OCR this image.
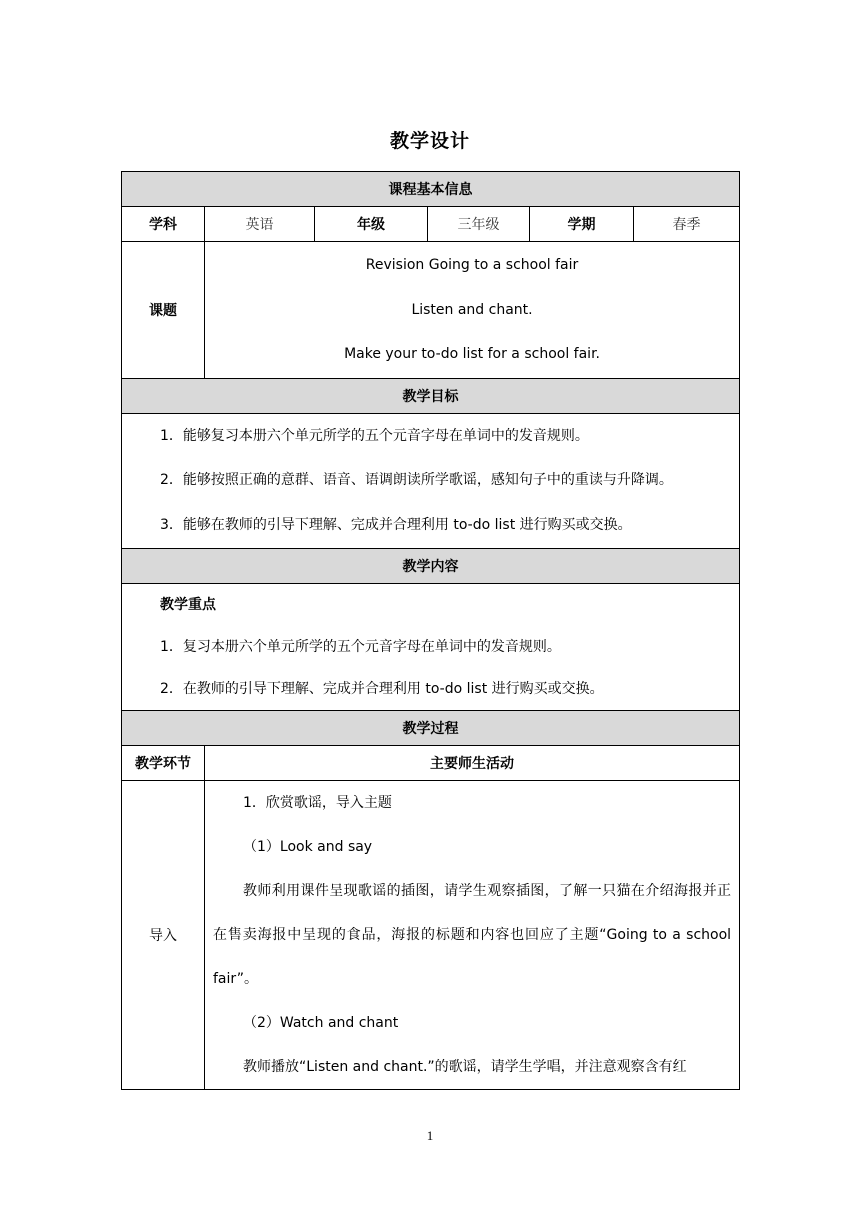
教学设计
课程基本信息					
学科	英语	年级	三年级	学期	春季
课题	Revision Going to a school fair

Listen and chant.

Make your to-do list for a school fair.				

教学目标					

1．能够复习本册六个单元所学的五个元音字母在单词中的发音规则。

2．能够按照正确的意群、语音、语调朗读所学歌谣，感知句子中的重读与升降调。

3．能够在教师的引导下理解、完成并合理利用 to-do list 进行购买或交换。					

教学内容					

教学重点

1．复习本册六个单元所学的五个元音字母在单词中的发音规则。

2．在教师的引导下理解、完成并合理利用 to-do list 进行购买或交换。					

教学过程					
教学环节	主要师生活动				
导入	1．欣赏歌谣，导入主题

（1）Look and say

教师利用课件呈现歌谣的插图，请学生观察插图，了解一只猫在介绍海报并正在售卖海报中呈现的食品，海报的标题和内容也回应了主题“Going to a school fair”。

（2）Watch and chant

教师播放“Listen and chant.”的歌谣，请学生学唱，并注意观察含有红				

1
